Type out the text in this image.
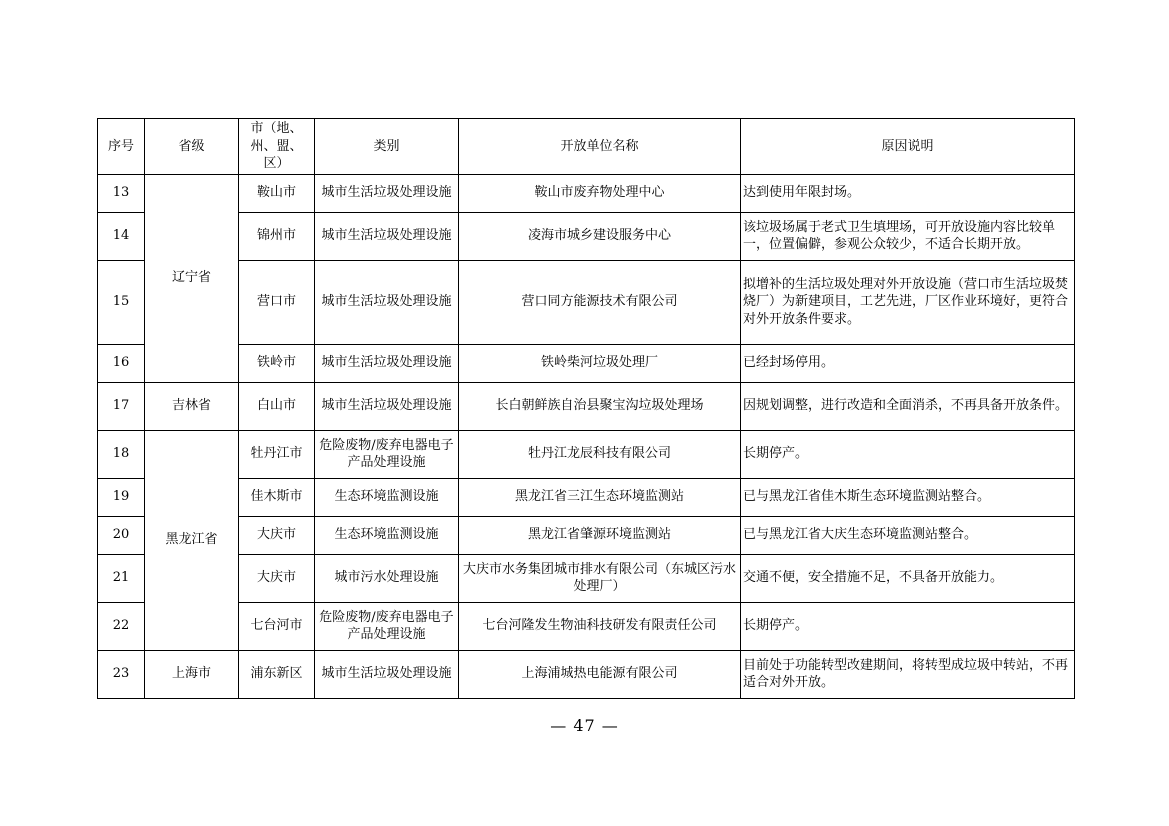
序号	省级	市（地、州、盟、区）	类别	开放单位名称	原因说明
13	辽宁省	鞍山市	城市生活垃圾处理设施	鞍山市废弃物处理中心	达到使用年限封场。
14		锦州市	城市生活垃圾处理设施	凌海市城乡建设服务中心	该垃圾场属于老式卫生填埋场，可开放设施内容比较单一，位置偏僻，参观公众较少，不适合长期开放。
15		营口市	城市生活垃圾处理设施	营口同方能源技术有限公司	拟增补的生活垃圾处理对外开放设施（营口市生活垃圾焚烧厂）为新建项目，工艺先进，厂区作业环境好，更符合对外开放条件要求。
16		铁岭市	城市生活垃圾处理设施	铁岭柴河垃圾处理厂	已经封场停用。
17	吉林省	白山市	城市生活垃圾处理设施	长白朝鲜族自治县聚宝沟垃圾处理场	因规划调整，进行改造和全面消杀，不再具备开放条件。
18	黑龙江省	牡丹江市	危险废物/废弃电器电子产品处理设施	牡丹江龙辰科技有限公司	长期停产。
19		佳木斯市	生态环境监测设施	黑龙江省三江生态环境监测站	已与黑龙江省佳木斯生态环境监测站整合。
20		大庆市	生态环境监测设施	黑龙江省肇源环境监测站	已与黑龙江省大庆生态环境监测站整合。
21		大庆市	城市污水处理设施	大庆市水务集团城市排水有限公司（东城区污水处理厂）	交通不便，安全措施不足，不具备开放能力。
22		七台河市	危险废物/废弃电器电子产品处理设施	七台河隆发生物油科技研发有限责任公司	长期停产。
23	上海市	浦东新区	城市生活垃圾处理设施	上海浦城热电能源有限公司	目前处于功能转型改建期间，将转型成垃圾中转站，不再适合对外开放。
— 47 —
